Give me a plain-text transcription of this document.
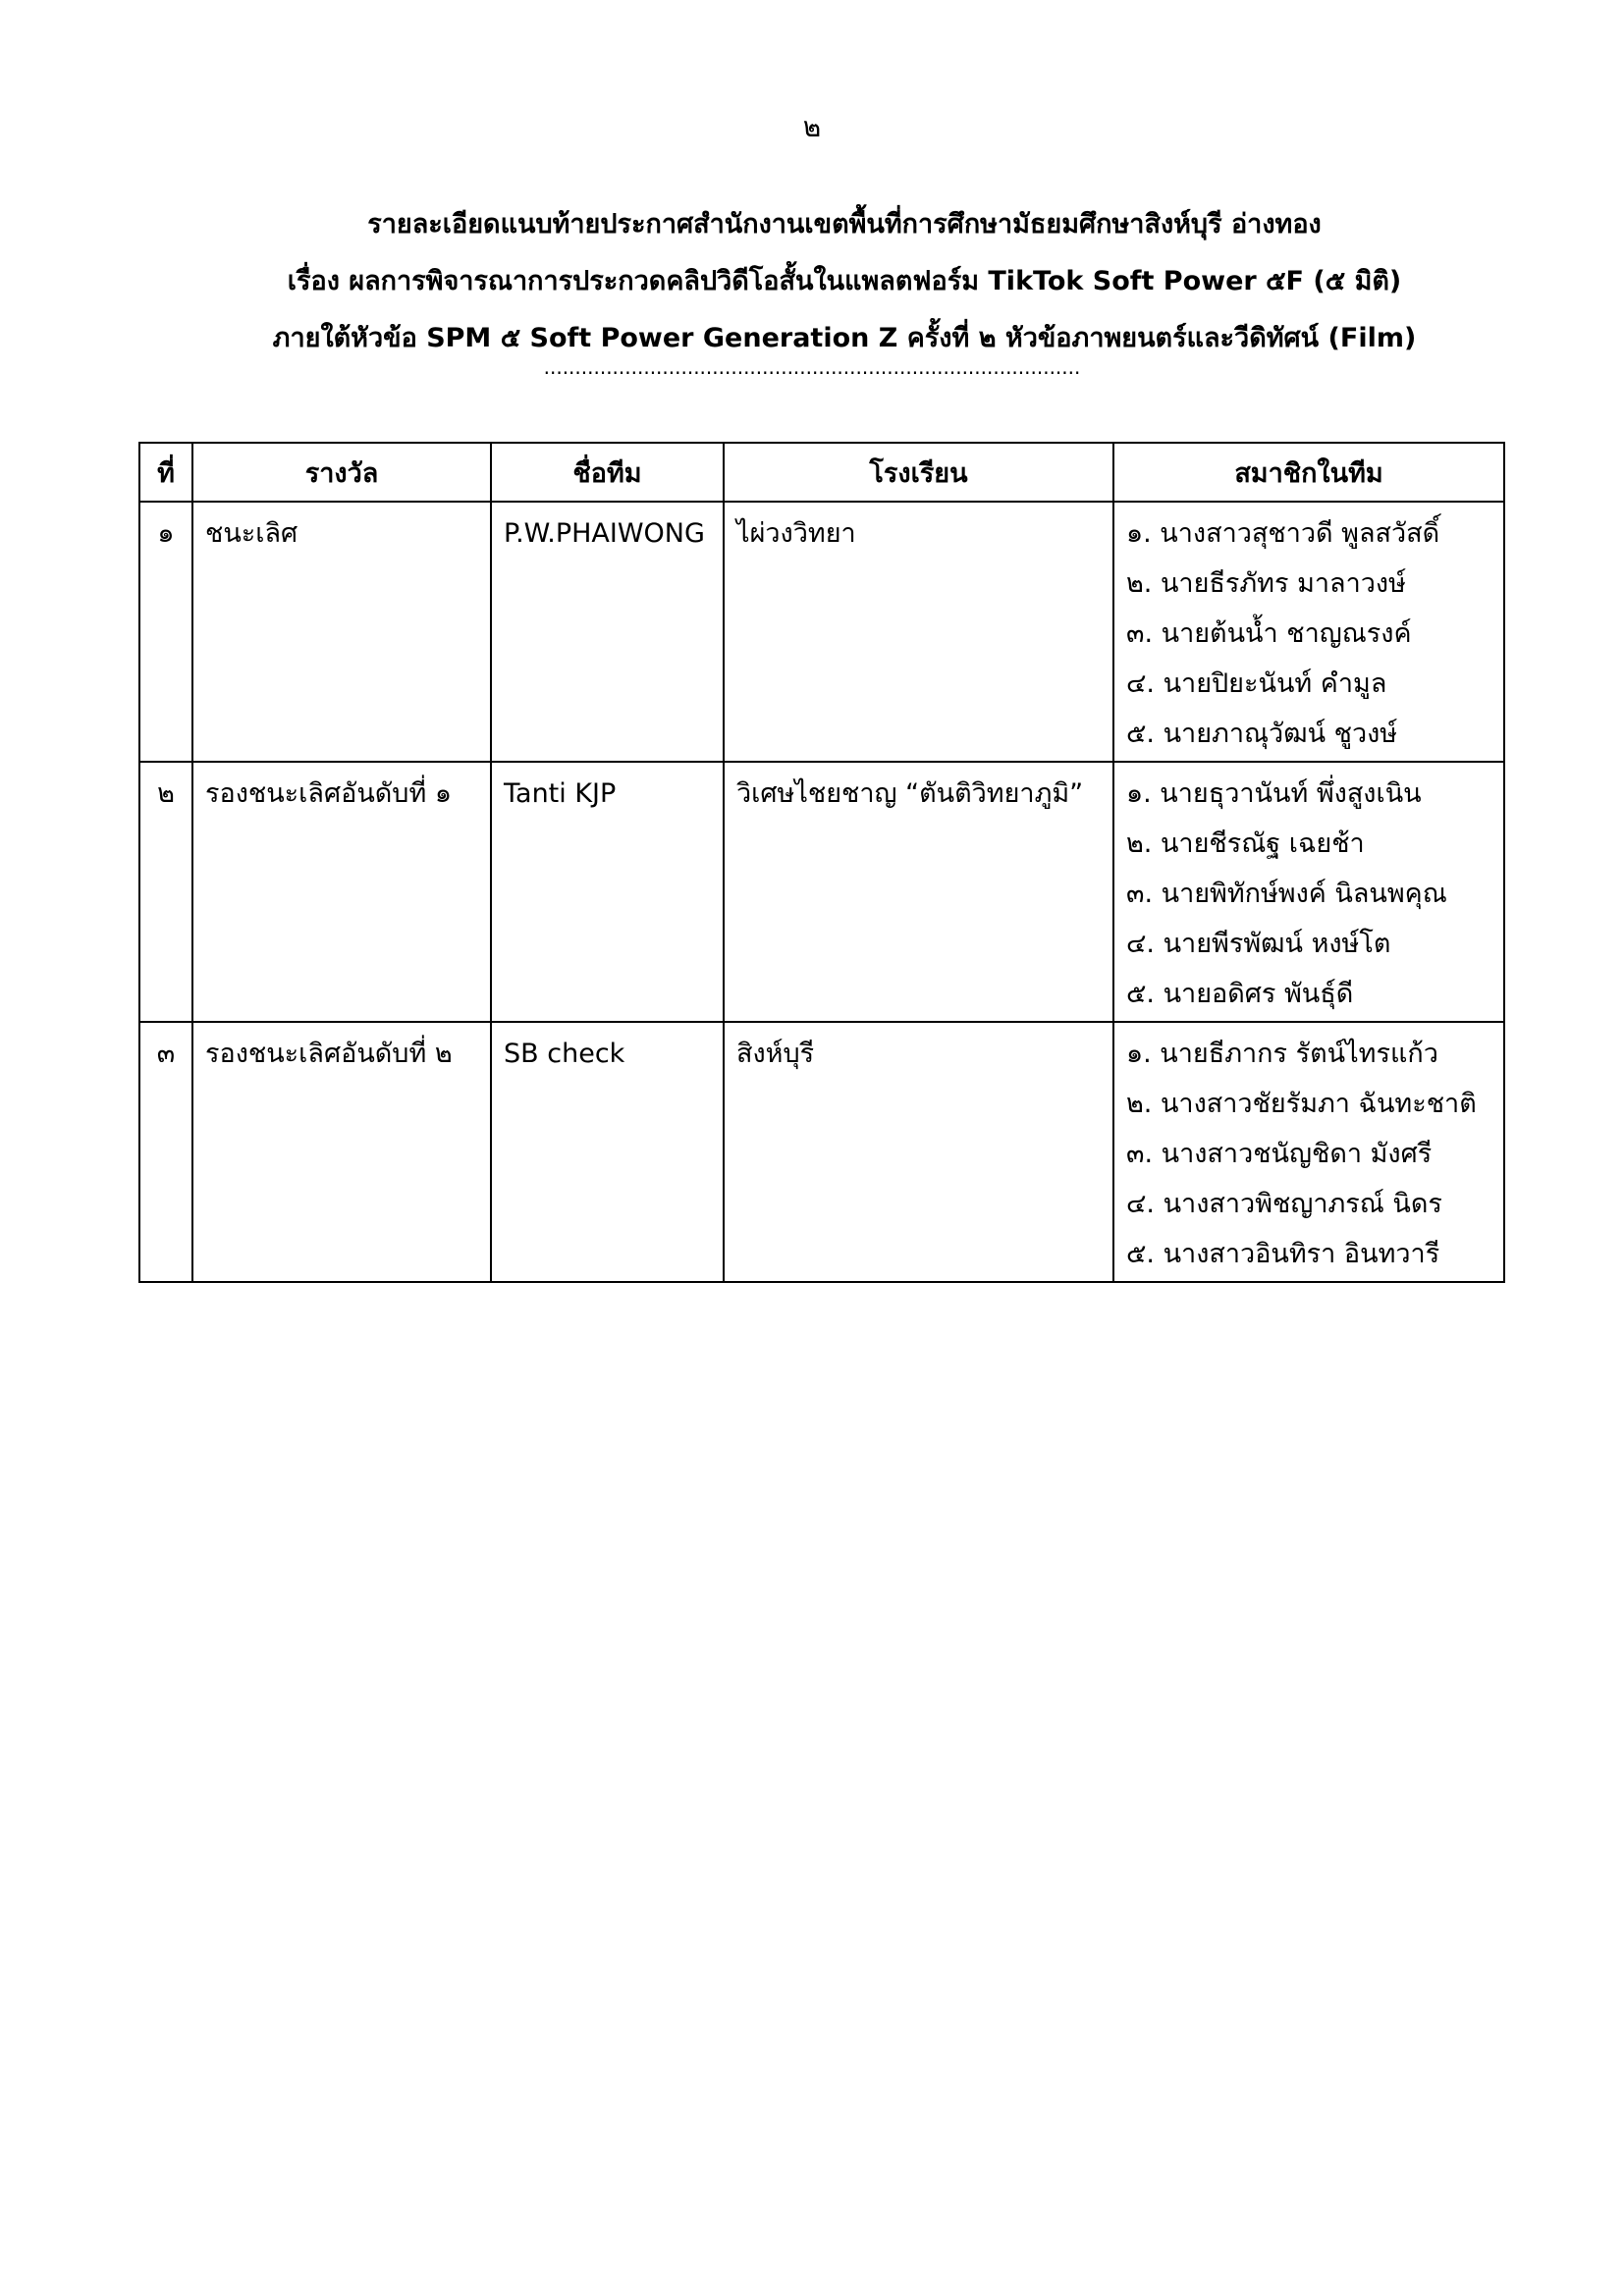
๒
รายละเอียดแนบท้ายประกาศสำนักงานเขตพื้นที่การศึกษามัธยมศึกษาสิงห์บุรี อ่างทอง
เรื่อง ผลการพิจารณาการประกวดคลิปวิดีโอสั้นในแพลตฟอร์ม TikTok Soft Power ๕F (๕ มิติ)
ภายใต้หัวข้อ SPM ๕ Soft Power Generation Z ครั้งที่ ๒ หัวข้อภาพยนตร์และวีดิทัศน์ (Film)
......................................................................................
ที่	รางวัล	ชื่อทีม	โรงเรียน	สมาชิกในทีม
๑	ชนะเลิศ	P.W.PHAIWONG	ไผ่วงวิทยา	๑. นางสาวสุชาวดี พูลสวัสดิ์
๒. นายธีรภัทร มาลาวงษ์
๓. นายต้นน้ำ ชาญณรงค์
๔. นายปิยะนันท์ คำมูล
๕. นายภาณุวัฒน์ ชูวงษ์

๒	รองชนะเลิศอันดับที่ ๑	Tanti KJP	วิเศษไชยชาญ “ตันติวิทยาภูมิ”	๑. นายธุวานันท์ พึ่งสูงเนิน
๒. นายชีรณัฐ เฉยช้า
๓. นายพิทักษ์พงค์ นิลนพคุณ
๔. นายพีรพัฒน์ หงษ์โต
๕. นายอดิศร พันธุ์ดี

๓	รองชนะเลิศอันดับที่ ๒	SB check	สิงห์บุรี	๑. นายธีภากร รัตน์ไทรแก้ว
๒. นางสาวชัยรัมภา ฉันทะชาติ
๓. นางสาวชนัญชิดา มังศรี
๔. นางสาวพิชญาภรณ์ นิดร
๕. นางสาวอินทิรา อินทวารี
